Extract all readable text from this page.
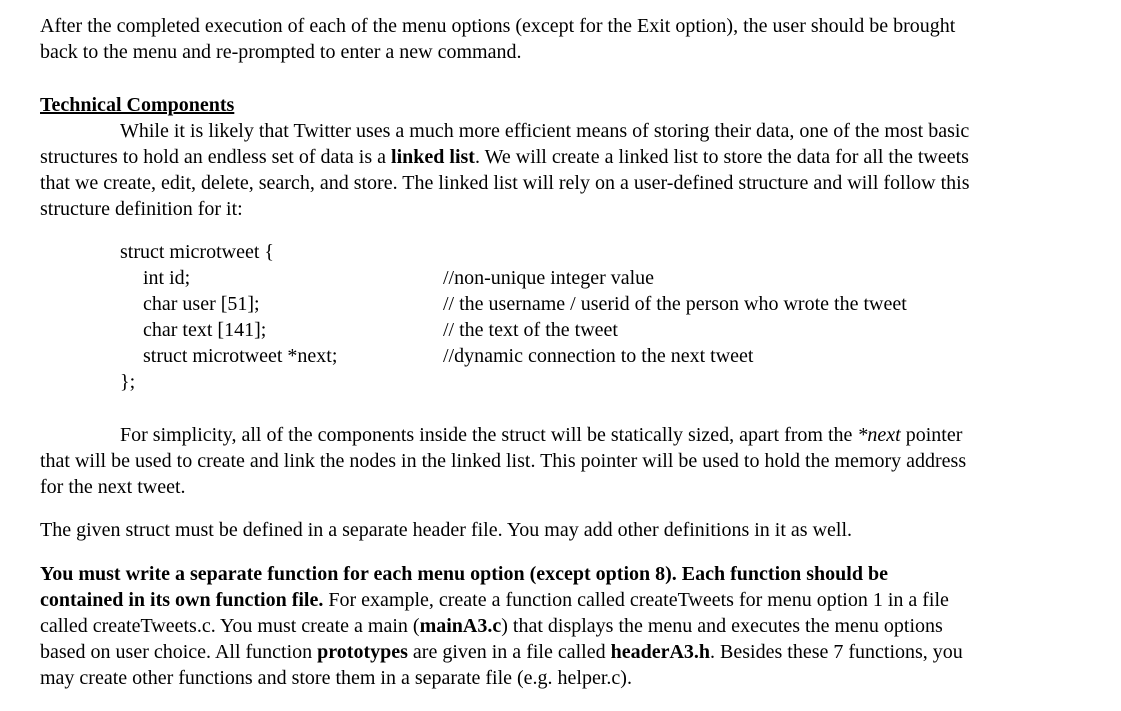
After the completed execution of each of the menu options (except for the Exit option), the user should be brought
back to the menu and re-prompted to enter a new command.
Technical Components
While it is likely that Twitter uses a much more efficient means of storing their data, one of the most basic
structures to hold an endless set of data is a linked list. We will create a linked list to store the data for all the tweets
that we create, edit, delete, search, and store. The linked list will rely on a user-defined structure and will follow this
structure definition for it:
struct microtweet {
int id;	//non-unique integer value
char user [51];	// the username / userid of the person who wrote the tweet
char text [141];	// the text of the tweet
struct microtweet *next;	//dynamic connection to the next tweet
};
For simplicity, all of the components inside the struct will be statically sized, apart from the *next pointer
that will be used to create and link the nodes in the linked list. This pointer will be used to hold the memory address
for the next tweet.
The given struct must be defined in a separate header file. You may add other definitions in it as well.
You must write a separate function for each menu option (except option 8). Each function should be
contained in its own function file. For example, create a function called createTweets for menu option 1 in a file
called createTweets.c. You must create a main (mainA3.c) that displays the menu and executes the menu options
based on user choice. All function prototypes are given in a file called headerA3.h. Besides these 7 functions, you
may create other functions and store them in a separate file (e.g. helper.c).
